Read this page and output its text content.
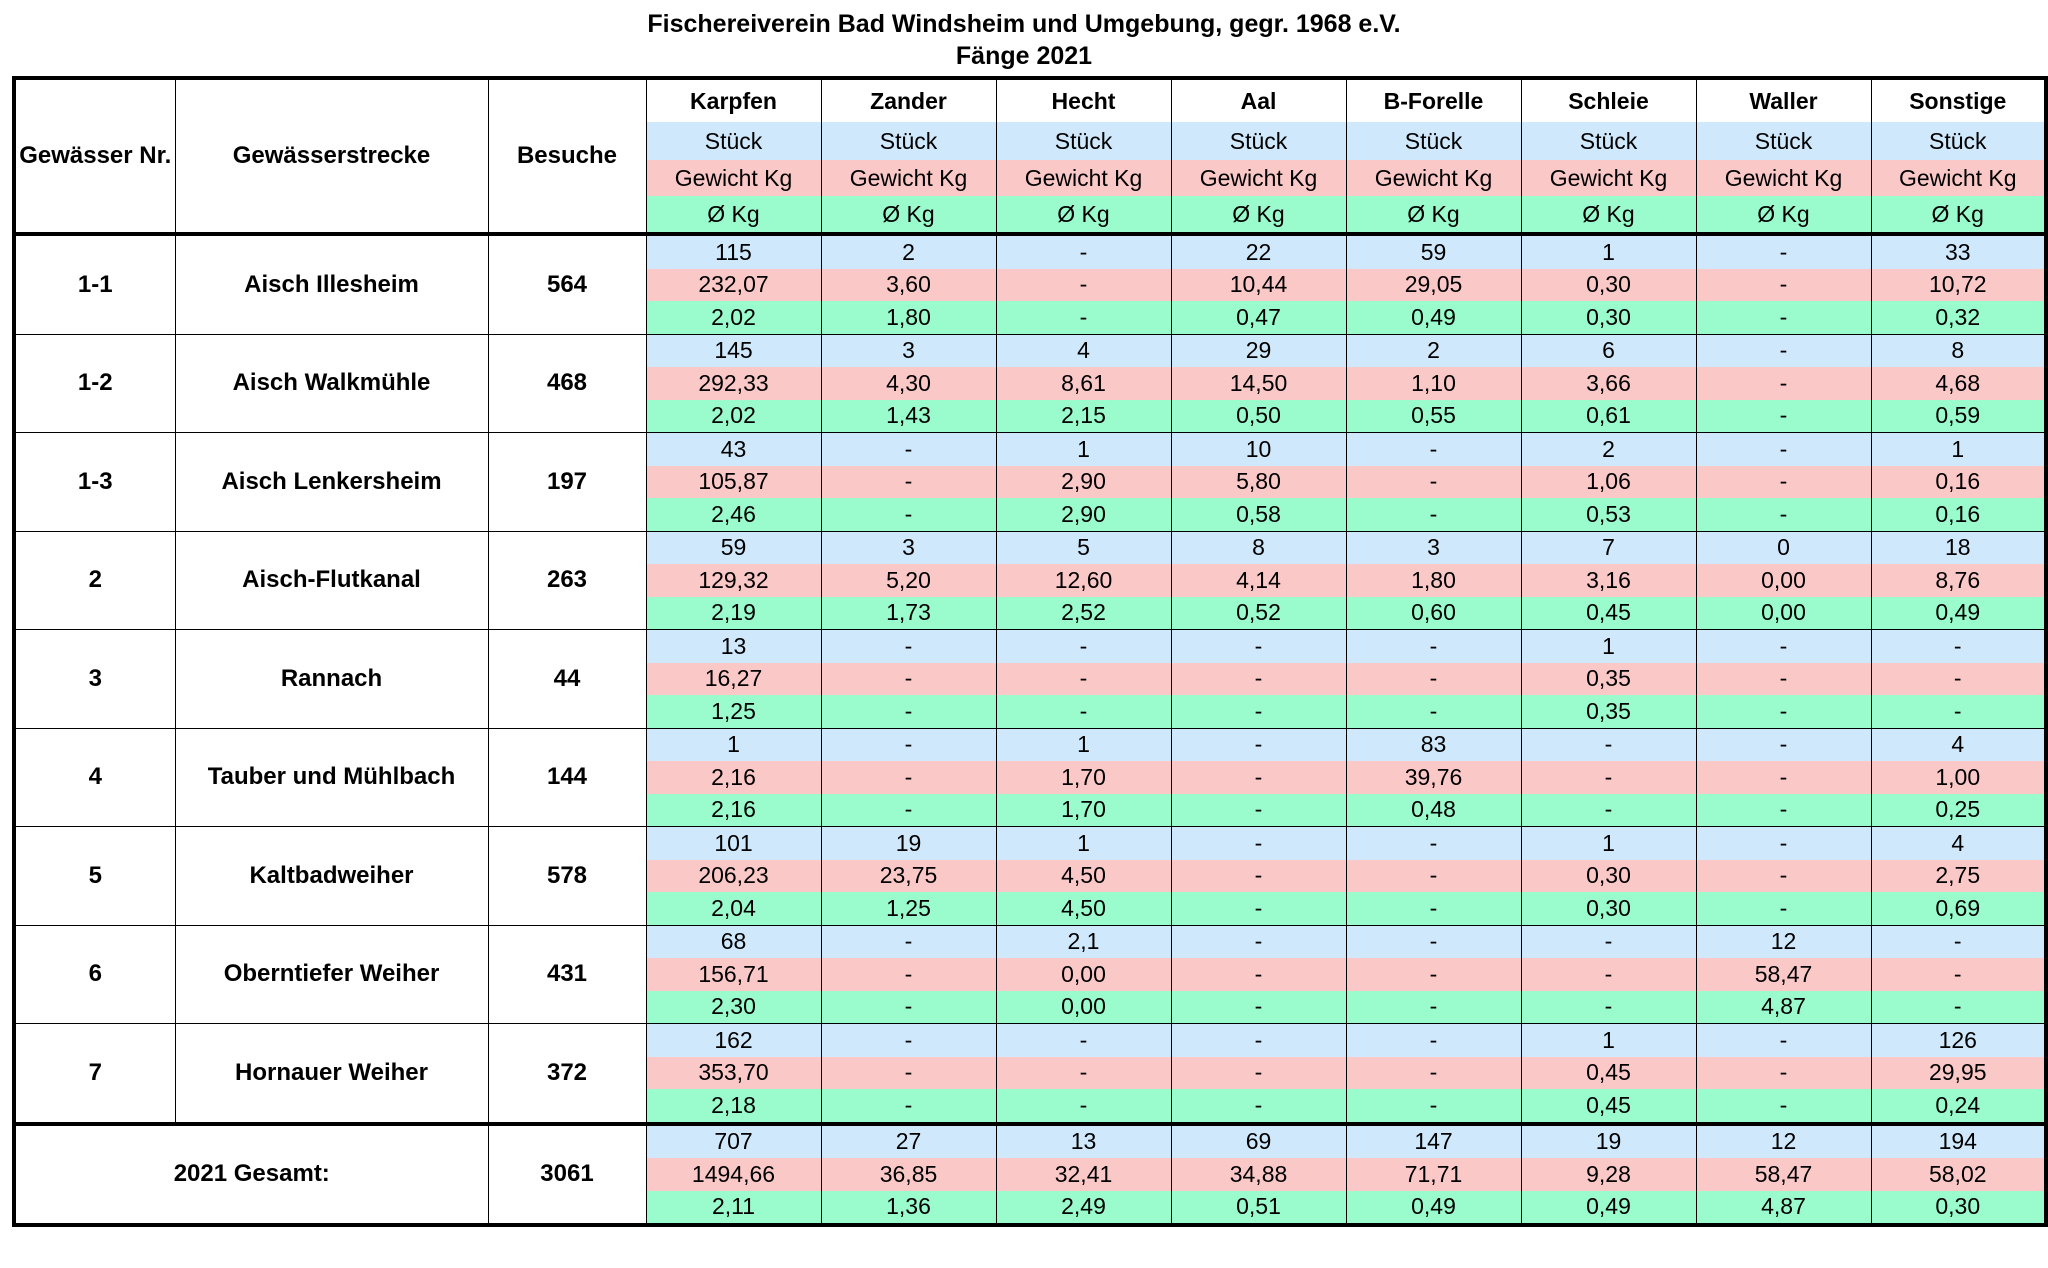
Fischereiverein Bad Windsheim und Umgebung, gegr. 1968 e.V.
Fänge 2021
Gewässer Nr.	Gewässerstrecke	Besuche	Karpfen	Zander	Hecht	Aal	B-Forelle	Schleie	Waller	Sonstige
			Stück	Stück	Stück	Stück	Stück	Stück	Stück	Stück
			Gewicht Kg	Gewicht Kg	Gewicht Kg	Gewicht Kg	Gewicht Kg	Gewicht Kg	Gewicht Kg	Gewicht Kg
			Ø Kg	Ø Kg	Ø Kg	Ø Kg	Ø Kg	Ø Kg	Ø Kg	Ø Kg
1-1	Aisch Illesheim	564	115	2	-	22	59	1	-	33
			232,07	3,60	-	10,44	29,05	0,30	-	10,72
			2,02	1,80	-	0,47	0,49	0,30	-	0,32
1-2	Aisch Walkmühle	468	145	3	4	29	2	6	-	8
			292,33	4,30	8,61	14,50	1,10	3,66	-	4,68
			2,02	1,43	2,15	0,50	0,55	0,61	-	0,59
1-3	Aisch Lenkersheim	197	43	-	1	10	-	2	-	1
			105,87	-	2,90	5,80	-	1,06	-	0,16
			2,46	-	2,90	0,58	-	0,53	-	0,16
2	Aisch-Flutkanal	263	59	3	5	8	3	7	0	18
			129,32	5,20	12,60	4,14	1,80	3,16	0,00	8,76
			2,19	1,73	2,52	0,52	0,60	0,45	0,00	0,49
3	Rannach	44	13	-	-	-	-	1	-	-
			16,27	-	-	-	-	0,35	-	-
			1,25	-	-	-	-	0,35	-	-
4	Tauber und Mühlbach	144	1	-	1	-	83	-	-	4
			2,16	-	1,70	-	39,76	-	-	1,00
			2,16	-	1,70	-	0,48	-	-	0,25
5	Kaltbadweiher	578	101	19	1	-	-	1	-	4
			206,23	23,75	4,50	-	-	0,30	-	2,75
			2,04	1,25	4,50	-	-	0,30	-	0,69
6	Oberntiefer Weiher	431	68	-	2,1	-	-	-	12	-
			156,71	-	0,00	-	-	-	58,47	-
			2,30	-	0,00	-	-	-	4,87	-
7	Hornauer Weiher	372	162	-	-	-	-	1	-	126
			353,70	-	-	-	-	0,45	-	29,95
			2,18	-	-	-	-	0,45	-	0,24
2021 Gesamt:		3061	707	27	13	69	147	19	12	194
			1494,66	36,85	32,41	34,88	71,71	9,28	58,47	58,02
			2,11	1,36	2,49	0,51	0,49	0,49	4,87	0,30
